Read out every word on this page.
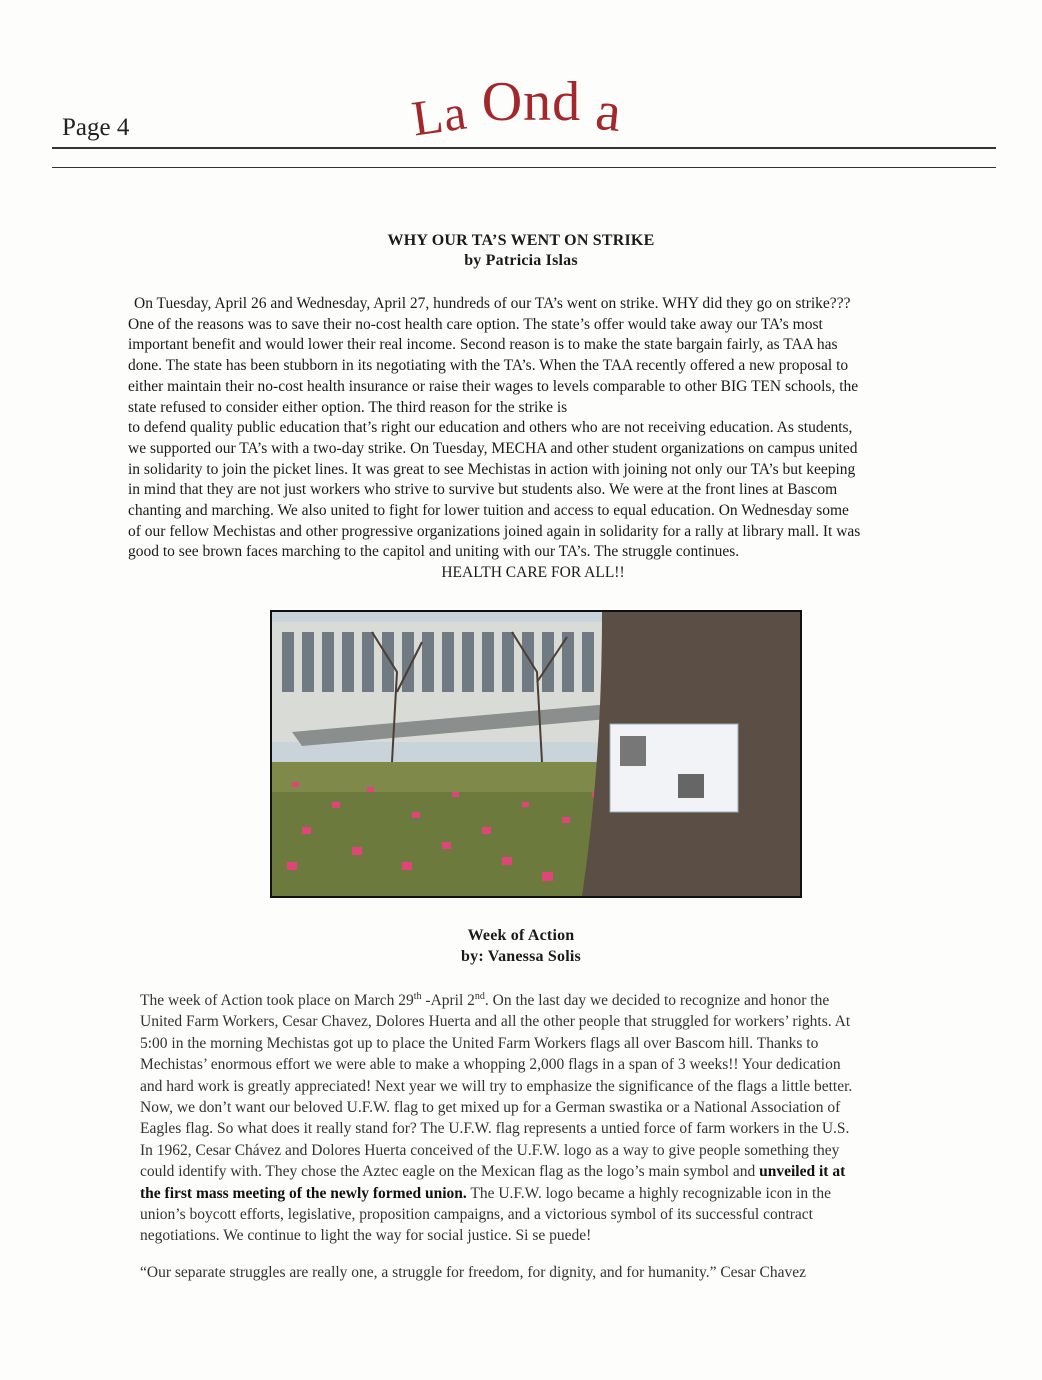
Page 4	La Ond a
WHY OUR TA’S WENT ON STRIKE
by Patricia Islas

On Tuesday, April 26 and Wednesday, April 27, hundreds of our TA’s went on strike. WHY did they go on strike???

One of the reasons was to save their no-cost health care option. The state’s offer would take away our TA’s most

important benefit and would lower their real income. Second reason is to make the state bargain fairly, as TAA has

done. The state has been stubborn in its negotiating with the TA’s. When the TAA recently offered a new proposal to

either maintain their no-cost health insurance or raise their wages to levels comparable to other BIG TEN schools, the

state refused to consider either option. The third reason for the strike is

to defend quality public education that’s right our education and others who are not receiving education. As students,

we supported our TA’s with a two-day strike. On Tuesday, MECHA and other student organizations on campus united

in solidarity to join the picket lines. It was great to see Mechistas in action with joining not only our TA’s but keeping

in mind that they are not just workers who strive to survive but students also. We were at the front lines at Bascom

chanting and marching. We also united to fight for lower tuition and access to equal education. On Wednesday some

of our fellow Mechistas and other progressive organizations joined again in solidarity for a rally at library mall. It was

good to see brown faces marching to the capitol and uniting with our TA’s. The struggle continues.

HEALTH CARE FOR ALL!!

Week of Action
by: Vanessa Solis

The week of Action took place on March 29th -April 2nd. On the last day we decided to recognize and honor the

United Farm Workers, Cesar Chavez, Dolores Huerta and all the other people that struggled for workers’ rights. At

5:00 in the morning Mechistas got up to place the United Farm Workers flags all over Bascom hill. Thanks to

Mechistas’ enormous effort we were able to make a whopping 2,000 flags in a span of 3 weeks!! Your dedication

and hard work is greatly appreciated! Next year we will try to emphasize the significance of the flags a little better.

Now, we don’t want our beloved U.F.W. flag to get mixed up for a German swastika or a National Association of

Eagles flag. So what does it really stand for? The U.F.W. flag represents a untied force of farm workers in the U.S.

In 1962, Cesar Chávez and Dolores Huerta conceived of the U.F.W. logo as a way to give people something they

could identify with. They chose the Aztec eagle on the Mexican flag as the logo’s main symbol and unveiled it at

the first mass meeting of the newly formed union. The U.F.W. logo became a highly recognizable icon in the

union’s boycott efforts, legislative, proposition campaigns, and a victorious symbol of its successful contract

negotiations. We continue to light the way for social justice. Si se puede!

“Our separate struggles are really one, a struggle for freedom, for dignity, and for humanity.” Cesar Chavez
